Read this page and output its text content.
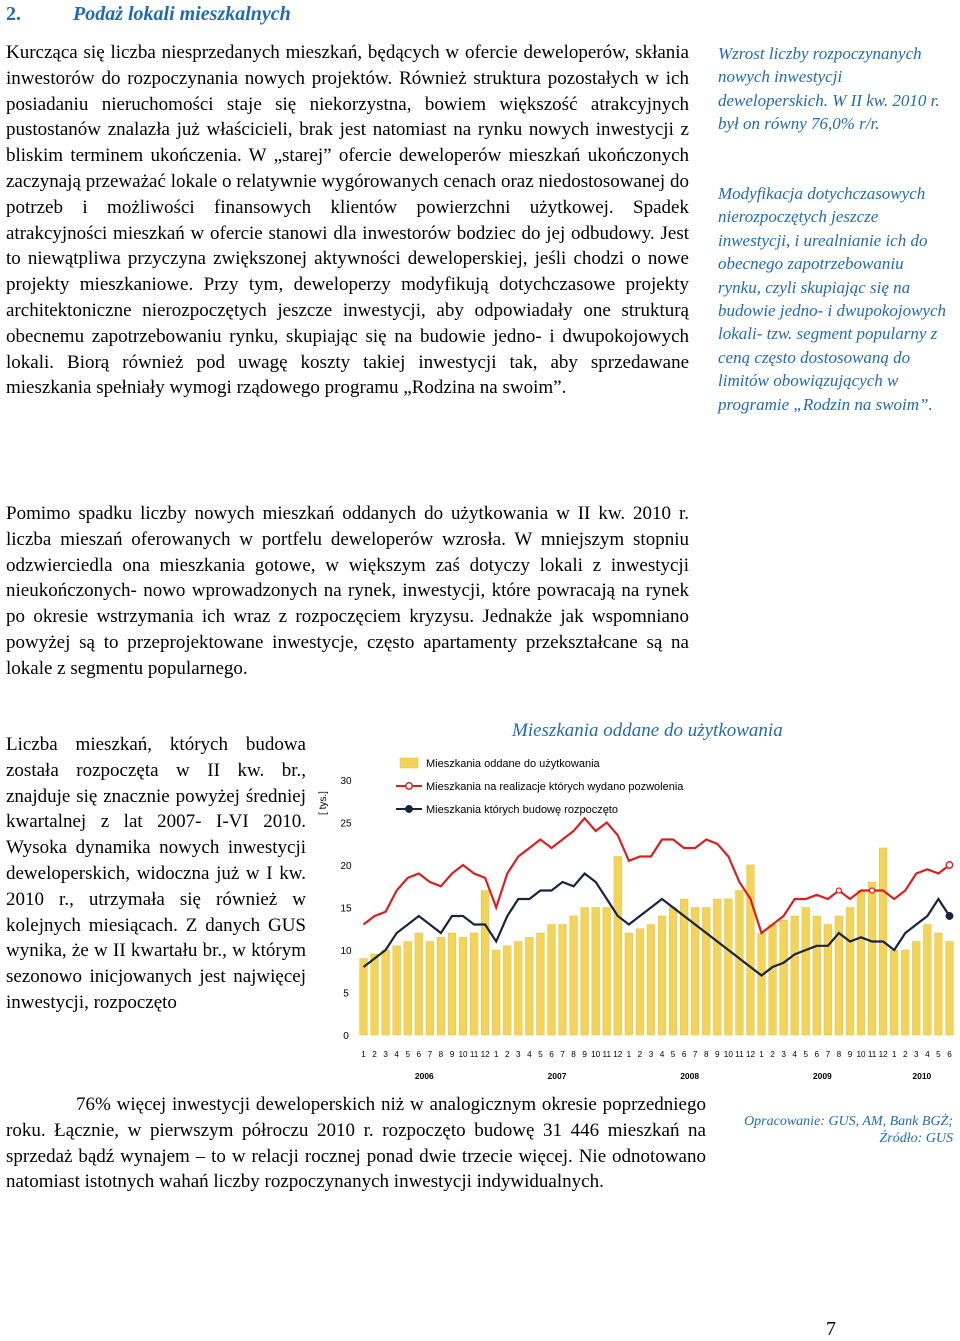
2.	Podaż lokali mieszkalnych

Kurcząca się liczba niesprzedanych mieszkań, będących w ofercie deweloperów, skłania inwestorów do rozpoczynania nowych projektów. Również struktura pozostałych w ich posiadaniu nieruchomości staje się niekorzystna, bowiem większość atrakcyjnych pustostanów znalazła już właścicieli, brak jest natomiast na rynku nowych inwestycji z bliskim terminem ukończenia. W „starej” ofercie deweloperów mieszkań ukończonych zaczynają przeważać lokale o relatywnie wygórowanych cenach oraz niedostosowanej do potrzeb i możliwości finansowych klientów powierzchni użytkowej. Spadek atrakcyjności mieszkań w ofercie stanowi dla inwestorów bodziec do jej odbudowy. Jest to niewątpliwa przyczyna zwiększonej aktywności deweloperskiej, jeśli chodzi o nowe projekty mieszkaniowe. Przy tym, deweloperzy modyfikują dotychczasowe projekty architektoniczne nierozpoczętych jeszcze inwestycji, aby odpowiadały one strukturą obecnemu zapotrzebowaniu rynku, skupiając się na budowie jedno- i dwupokojowych lokali. Biorą również pod uwagę koszty takiej inwestycji tak, aby sprzedawane mieszkania spełniały wymogi rządowego programu „Rodzina na swoim”.

Pomimo spadku liczby nowych mieszkań oddanych do użytkowania w II kw. 2010 r. liczba mieszań oferowanych w portfelu deweloperów wzrosła. W mniejszym stopniu odzwierciedla ona mieszkania gotowe, w większym zaś dotyczy lokali z inwestycji nieukończonych- nowo wprowadzonych na rynek, inwestycji, które powracają na rynek po okresie wstrzymania ich wraz z rozpoczęciem kryzysu. Jednakże jak wspomniano powyżej są to przeprojektowane inwestycje, często apartamenty przekształcane są na lokale z segmentu popularnego.

Liczba mieszkań, których budowa została rozpoczęta w II kw. br., znajduje się znacznie powyżej średniej kwartalnej z lat 2007- I-VI 2010. Wysoka dynamika nowych inwestycji deweloperskich, widoczna już w I kw. 2010 r., utrzymała się również w kolejnych miesiącach. Z danych GUS wynika, że w II kwartału br., w którym sezonowo inicjowanych jest najwięcej inwestycji, rozpoczęto

76% więcej inwestycji deweloperskich niż w analogicznym okresie poprzedniego roku. Łącznie, w pierwszym półroczu 2010 r. rozpoczęto budowę 31 446 mieszkań na sprzedaż bądź wynajem – to w relacji rocznej ponad dwie trzecie więcej. Nie odnotowano natomiast istotnych wahań liczby rozpoczynanych inwestycji indywidualnych.

Wzrost liczby rozpoczynanych nowych inwestycji deweloperskich. W II kw. 2010 r. był on równy 76,0% r/r.

Modyfikacja dotychczasowych nierozpoczętych jeszcze inwestycji, i urealnianie ich do obecnego zapotrzebowaniu rynku, czyli skupiając się na budowie jedno- i dwupokojowych lokali- tzw. segment popularny z ceną często dostosowaną do limitów obowiązujących w programie „Rodzin na swoim”.

Mieszkania oddane do użytkowania
[ tys.]
0
5
10
15
20
25
30
1 2 3 4 5 6 7 8 9 10 11 12 1 2 3 4 5 6 7 8 9 10 11 12 1 2 3 4 5 6 7 8 9 10 11 12 1 2 3 4 5 6 7 8 9 10 11 12 1 2 3 4 5 6
2006	2007	2008	2009	2010
Mieszkania oddane do użytkowania
Mieszkania na realizacje których wydano pozwolenia
Mieszkania których budowę rozpoczęto
Opracowanie: GUS, AM, Bank BGŻ; Źródło: GUS
7
